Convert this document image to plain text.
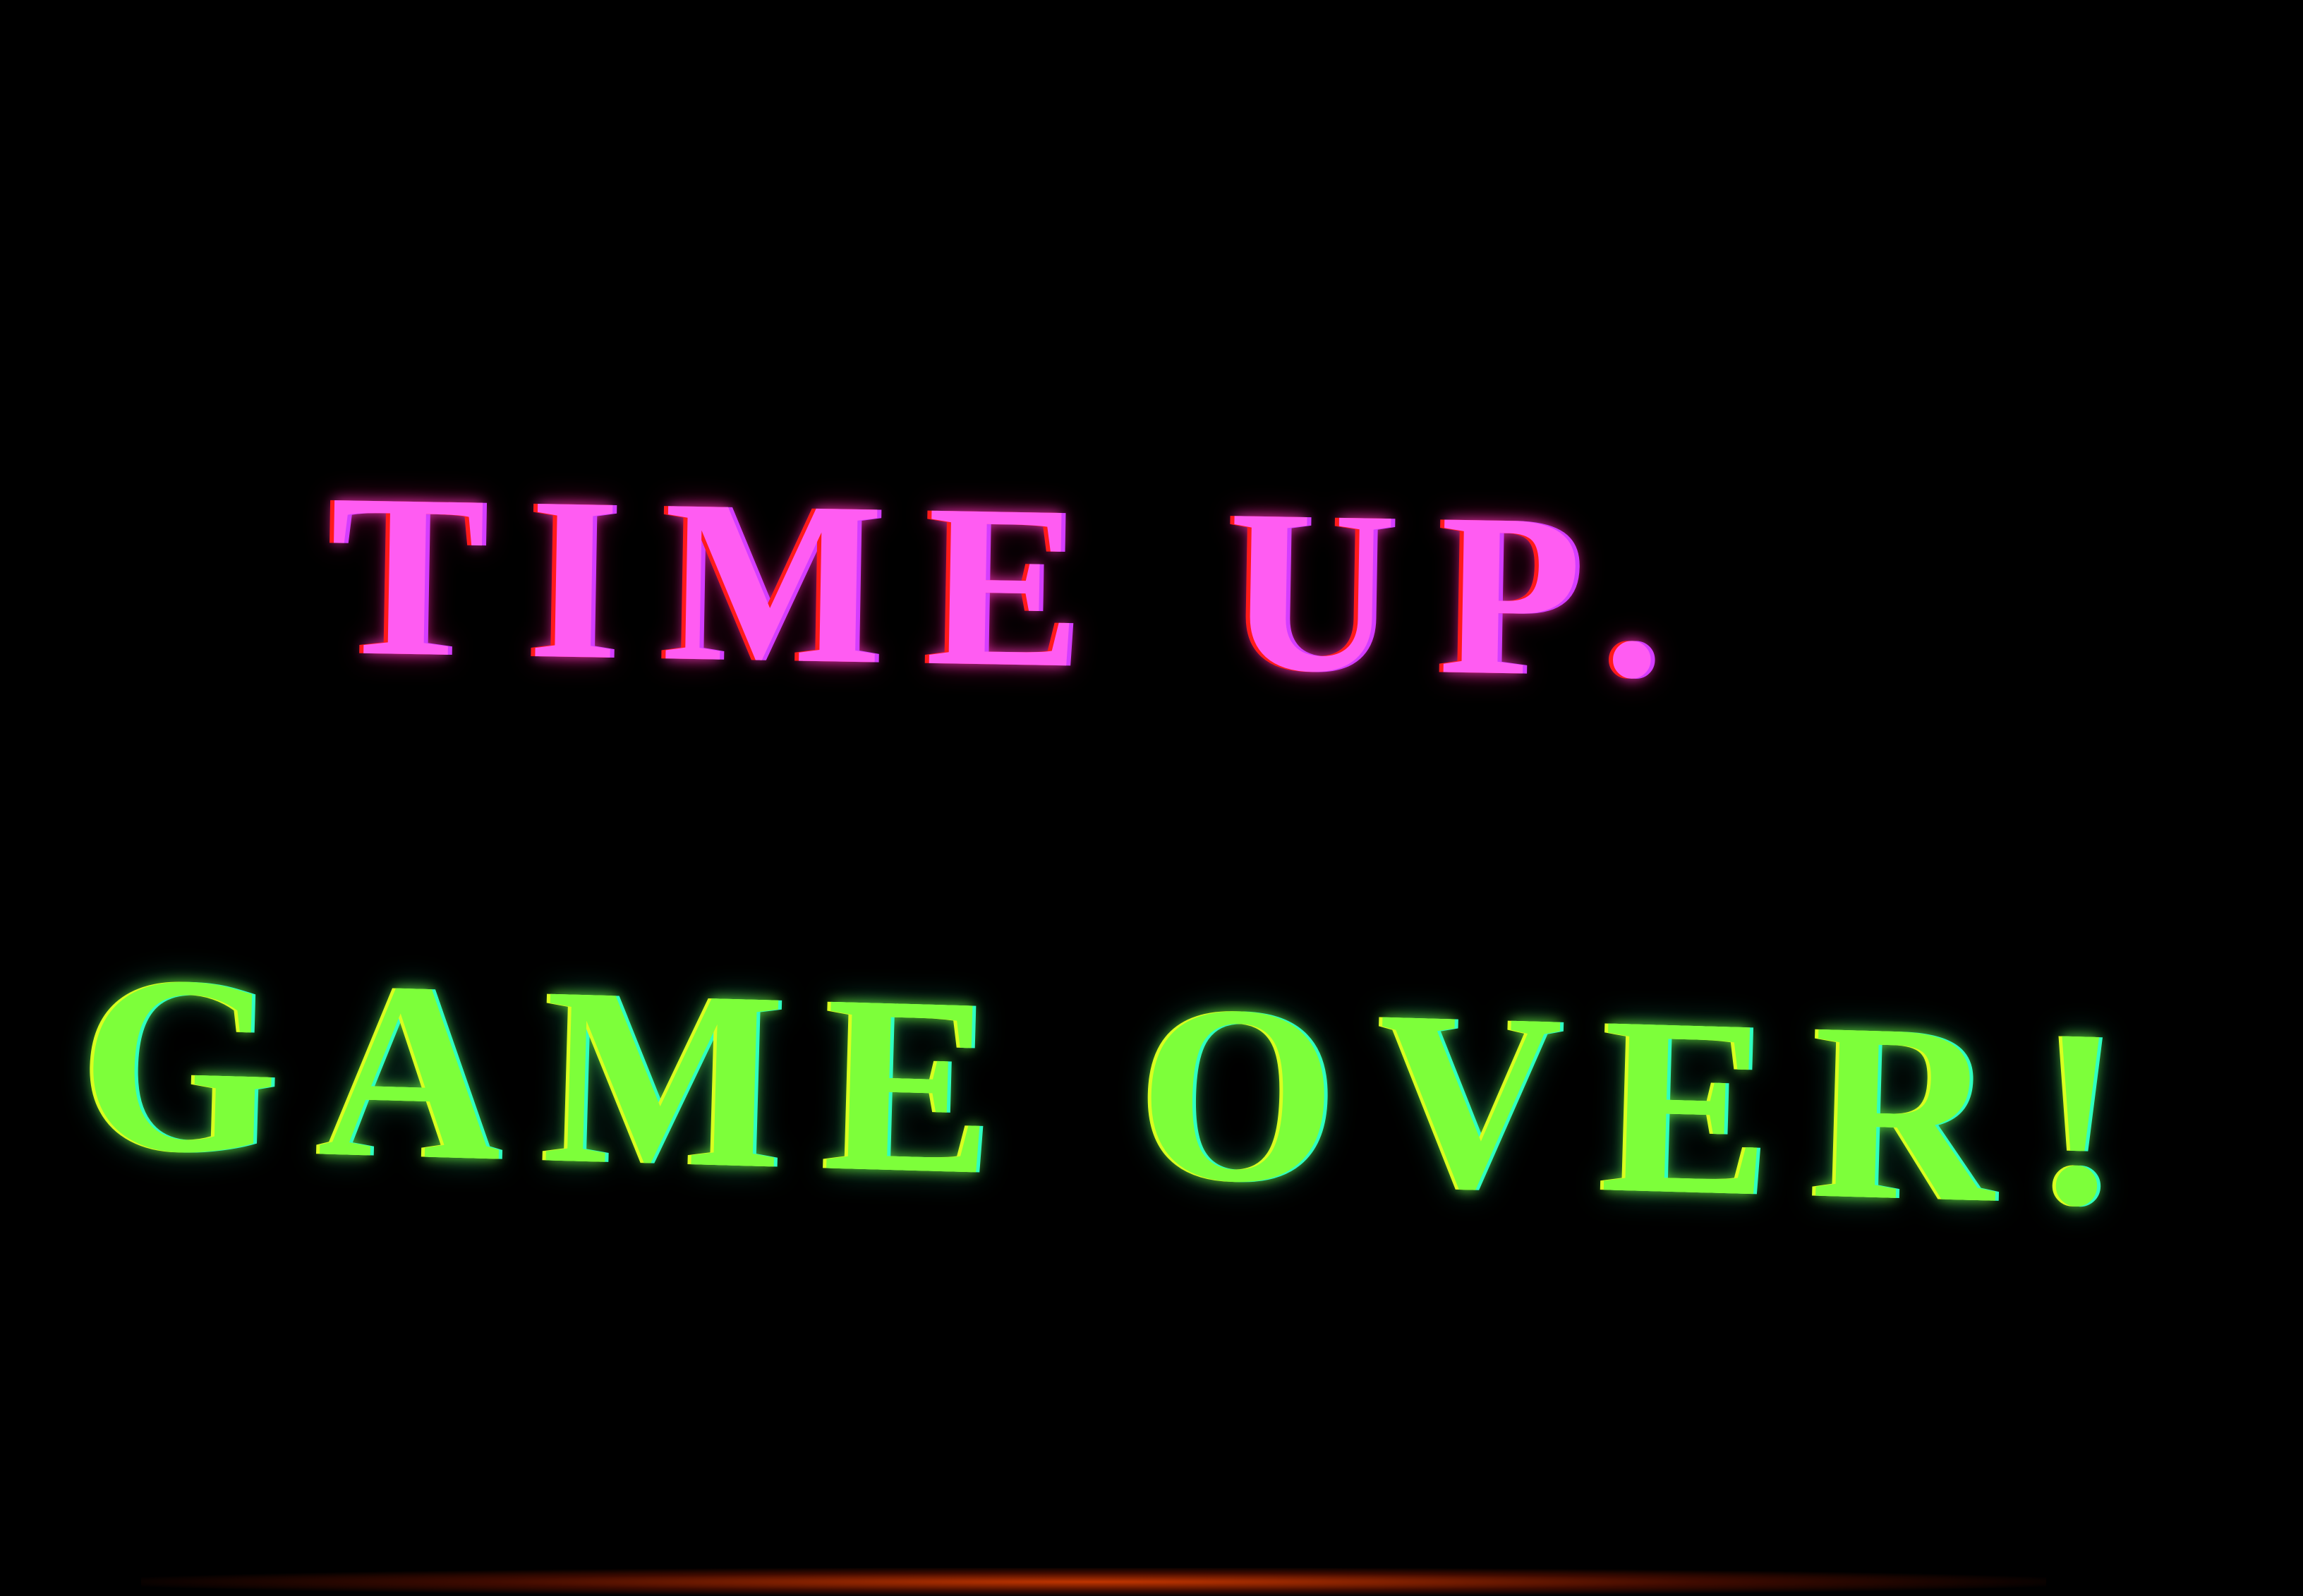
TIME UP.
GAME OVER!
